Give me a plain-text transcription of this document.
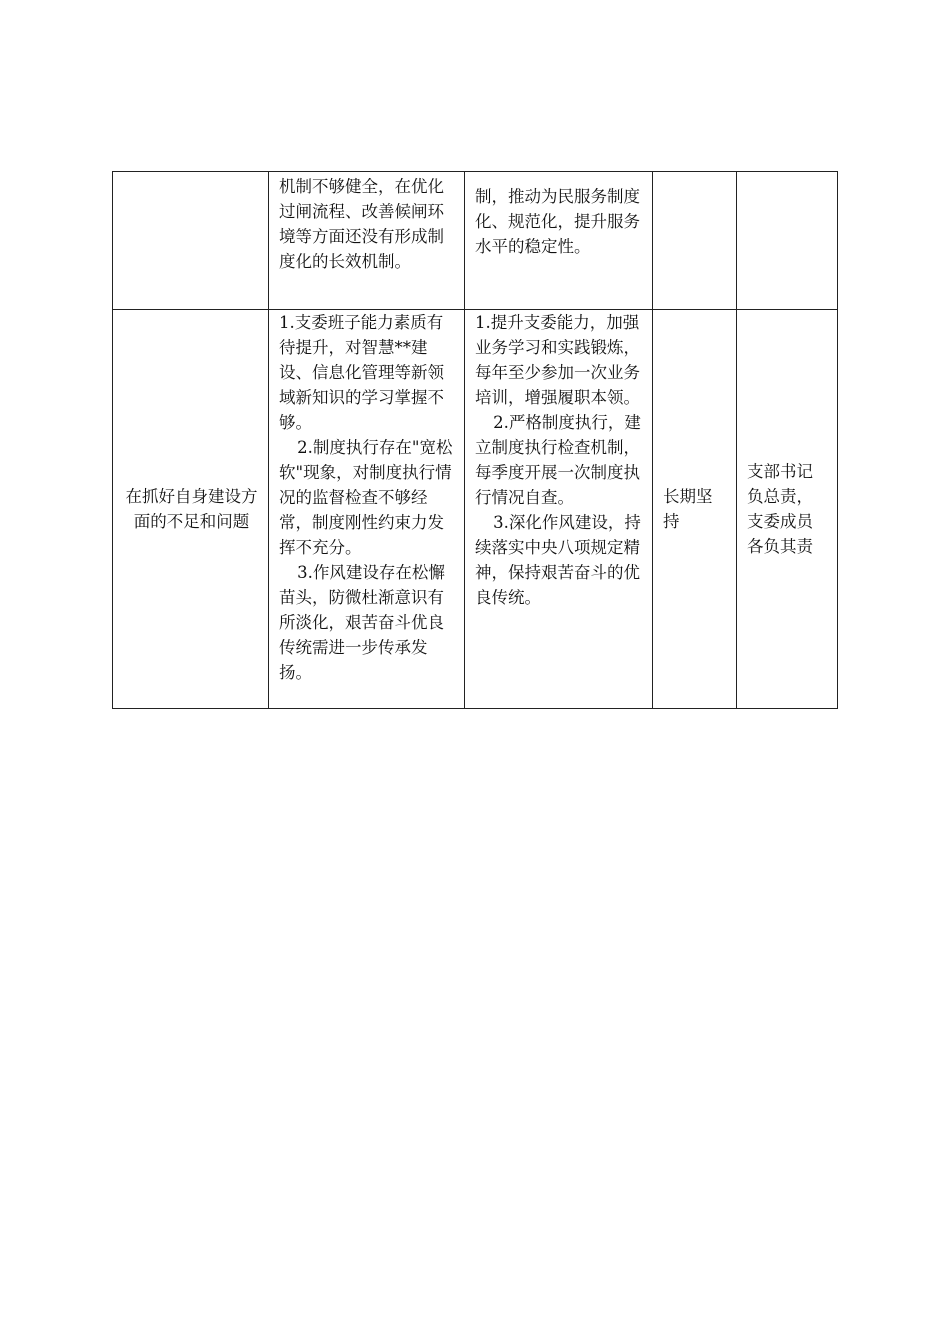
	机制不够健全，在优化过闸流程、改善候闸环境等方面还没有形成制度化的长效机制。	制，推动为民服务制度化、规范化，提升服务水平的稳定性。		

在抓好自身建设方面的不足和问题	1.支委班子能力素质有待提升，对智慧**建设、信息化管理等新领域新知识的学习掌握不够。
2.制度执行存在"宽松软"现象，对制度执行情况的监督检查不够经常，制度刚性约束力发挥不充分。
3.作风建设存在松懈苗头，防微杜渐意识有所淡化，艰苦奋斗优良传统需进一步传承发扬。	1.提升支委能力，加强业务学习和实践锻炼，每年至少参加一次业务培训，增强履职本领。
2.严格制度执行，建立制度执行检查机制，每季度开展一次制度执行情况自查。
3.深化作风建设，持续落实中央八项规定精神，保持艰苦奋斗的优良传统。	长期坚持	支部书记负总责，支委成员各负其责
